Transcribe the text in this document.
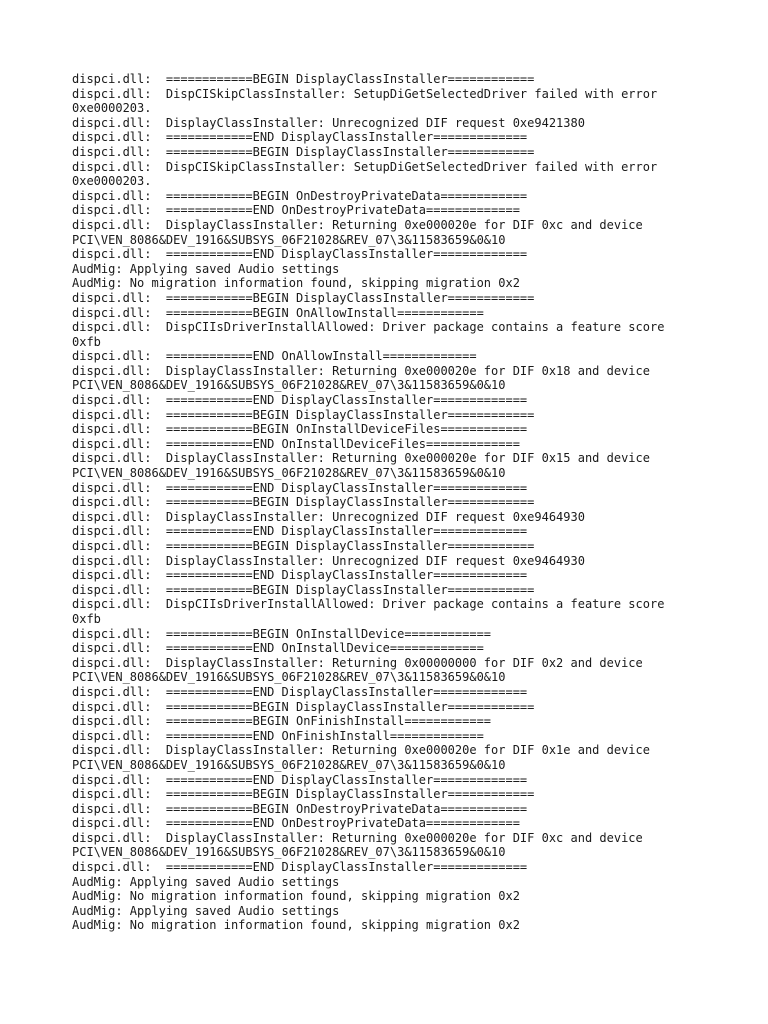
dispci.dll:  ============BEGIN DisplayClassInstaller============
dispci.dll:  DispCISkipClassInstaller: SetupDiGetSelectedDriver failed with error
0xe0000203.
dispci.dll:  DisplayClassInstaller: Unrecognized DIF request 0xe9421380
dispci.dll:  ============END DisplayClassInstaller=============
dispci.dll:  ============BEGIN DisplayClassInstaller============
dispci.dll:  DispCISkipClassInstaller: SetupDiGetSelectedDriver failed with error
0xe0000203.
dispci.dll:  ============BEGIN OnDestroyPrivateData============
dispci.dll:  ============END OnDestroyPrivateData=============
dispci.dll:  DisplayClassInstaller: Returning 0xe000020e for DIF 0xc and device
PCI\VEN_8086&DEV_1916&SUBSYS_06F21028&REV_07\3&11583659&0&10
dispci.dll:  ============END DisplayClassInstaller=============
AudMig: Applying saved Audio settings
AudMig: No migration information found, skipping migration 0x2
dispci.dll:  ============BEGIN DisplayClassInstaller============
dispci.dll:  ============BEGIN OnAllowInstall============
dispci.dll:  DispCIIsDriverInstallAllowed: Driver package contains a feature score
0xfb
dispci.dll:  ============END OnAllowInstall=============
dispci.dll:  DisplayClassInstaller: Returning 0xe000020e for DIF 0x18 and device
PCI\VEN_8086&DEV_1916&SUBSYS_06F21028&REV_07\3&11583659&0&10
dispci.dll:  ============END DisplayClassInstaller=============
dispci.dll:  ============BEGIN DisplayClassInstaller============
dispci.dll:  ============BEGIN OnInstallDeviceFiles============
dispci.dll:  ============END OnInstallDeviceFiles=============
dispci.dll:  DisplayClassInstaller: Returning 0xe000020e for DIF 0x15 and device
PCI\VEN_8086&DEV_1916&SUBSYS_06F21028&REV_07\3&11583659&0&10
dispci.dll:  ============END DisplayClassInstaller=============
dispci.dll:  ============BEGIN DisplayClassInstaller============
dispci.dll:  DisplayClassInstaller: Unrecognized DIF request 0xe9464930
dispci.dll:  ============END DisplayClassInstaller=============
dispci.dll:  ============BEGIN DisplayClassInstaller============
dispci.dll:  DisplayClassInstaller: Unrecognized DIF request 0xe9464930
dispci.dll:  ============END DisplayClassInstaller=============
dispci.dll:  ============BEGIN DisplayClassInstaller============
dispci.dll:  DispCIIsDriverInstallAllowed: Driver package contains a feature score
0xfb
dispci.dll:  ============BEGIN OnInstallDevice============
dispci.dll:  ============END OnInstallDevice=============
dispci.dll:  DisplayClassInstaller: Returning 0x00000000 for DIF 0x2 and device
PCI\VEN_8086&DEV_1916&SUBSYS_06F21028&REV_07\3&11583659&0&10
dispci.dll:  ============END DisplayClassInstaller=============
dispci.dll:  ============BEGIN DisplayClassInstaller============
dispci.dll:  ============BEGIN OnFinishInstall============
dispci.dll:  ============END OnFinishInstall=============
dispci.dll:  DisplayClassInstaller: Returning 0xe000020e for DIF 0x1e and device
PCI\VEN_8086&DEV_1916&SUBSYS_06F21028&REV_07\3&11583659&0&10
dispci.dll:  ============END DisplayClassInstaller=============
dispci.dll:  ============BEGIN DisplayClassInstaller============
dispci.dll:  ============BEGIN OnDestroyPrivateData============
dispci.dll:  ============END OnDestroyPrivateData=============
dispci.dll:  DisplayClassInstaller: Returning 0xe000020e for DIF 0xc and device
PCI\VEN_8086&DEV_1916&SUBSYS_06F21028&REV_07\3&11583659&0&10
dispci.dll:  ============END DisplayClassInstaller=============
AudMig: Applying saved Audio settings
AudMig: No migration information found, skipping migration 0x2
AudMig: Applying saved Audio settings
AudMig: No migration information found, skipping migration 0x2
